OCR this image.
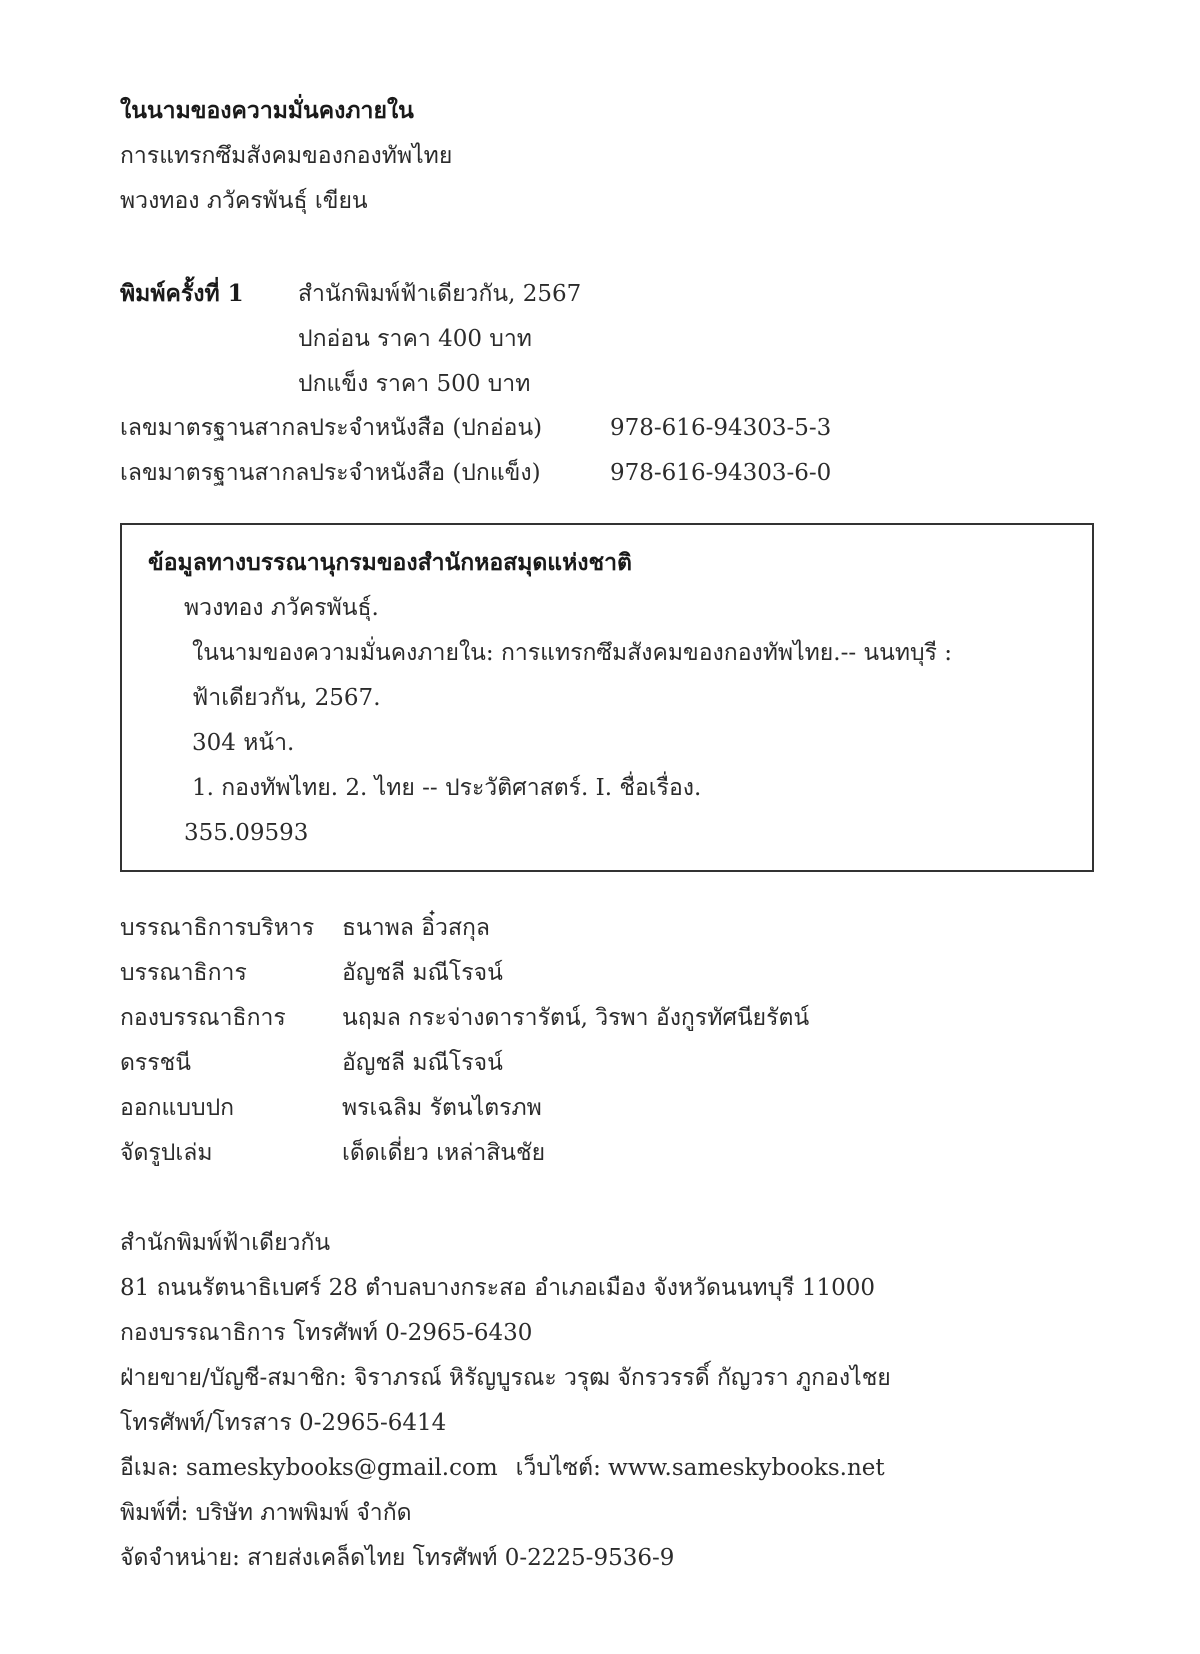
ในนามของความมั่นคงภายใน
การแทรกซึมสังคมของกองทัพไทย
พวงทอง ภวัครพันธุ์ เขียน
พิมพ์ครั้งที่ 1 สำนักพิมพ์ฟ้าเดียวกัน, 2567
ปกอ่อน ราคา 400 บาท
ปกแข็ง ราคา 500 บาท
เลขมาตรฐานสากลประจำหนังสือ (ปกอ่อน)	978-616-94303-5-3
เลขมาตรฐานสากลประจำหนังสือ (ปกแข็ง)	978-616-94303-6-0
ข้อมูลทางบรรณานุกรมของสำนักหอสมุดแห่งชาติ
พวงทอง ภวัครพันธุ์.
ในนามของความมั่นคงภายใน: การแทรกซึมสังคมของกองทัพไทย.-- นนทบุรี :
ฟ้าเดียวกัน, 2567.
304 หน้า.
1. กองทัพไทย. 2. ไทย -- ประวัติศาสตร์. I. ชื่อเรื่อง.
355.09593
บรรณาธิการบริหาร ธนาพล อิ๋วสกุล
บรรณาธิการ	อัญชลี มณีโรจน์
กองบรรณาธิการ นฤมล กระจ่างดารารัตน์, วิรพา อังกูรทัศนียรัตน์
ดรรชนี	อัญชลี มณีโรจน์
ออกแบบปก	พรเฉลิม รัตนไตรภพ
จัดรูปเล่ม	เด็ดเดี่ยว เหล่าสินชัย
สำนักพิมพ์ฟ้าเดียวกัน
81 ถนนรัตนาธิเบศร์ 28 ตำบลบางกระสอ อำเภอเมือง จังหวัดนนทบุรี 11000
กองบรรณาธิการ โทรศัพท์ 0-2965-6430
ฝ่ายขาย/บัญชี-สมาชิก: จิราภรณ์ หิรัญบูรณะ วรุฒ จักรวรรดิ์ กัญวรา ภูกองไชย
โทรศัพท์/โทรสาร 0-2965-6414
อีเมล: sameskybooks@gmail.com เว็บไซต์: www.sameskybooks.net
พิมพ์ที่: บริษัท ภาพพิมพ์ จำกัด
จัดจำหน่าย: สายส่งเคล็ดไทย โทรศัพท์ 0-2225-9536-9
